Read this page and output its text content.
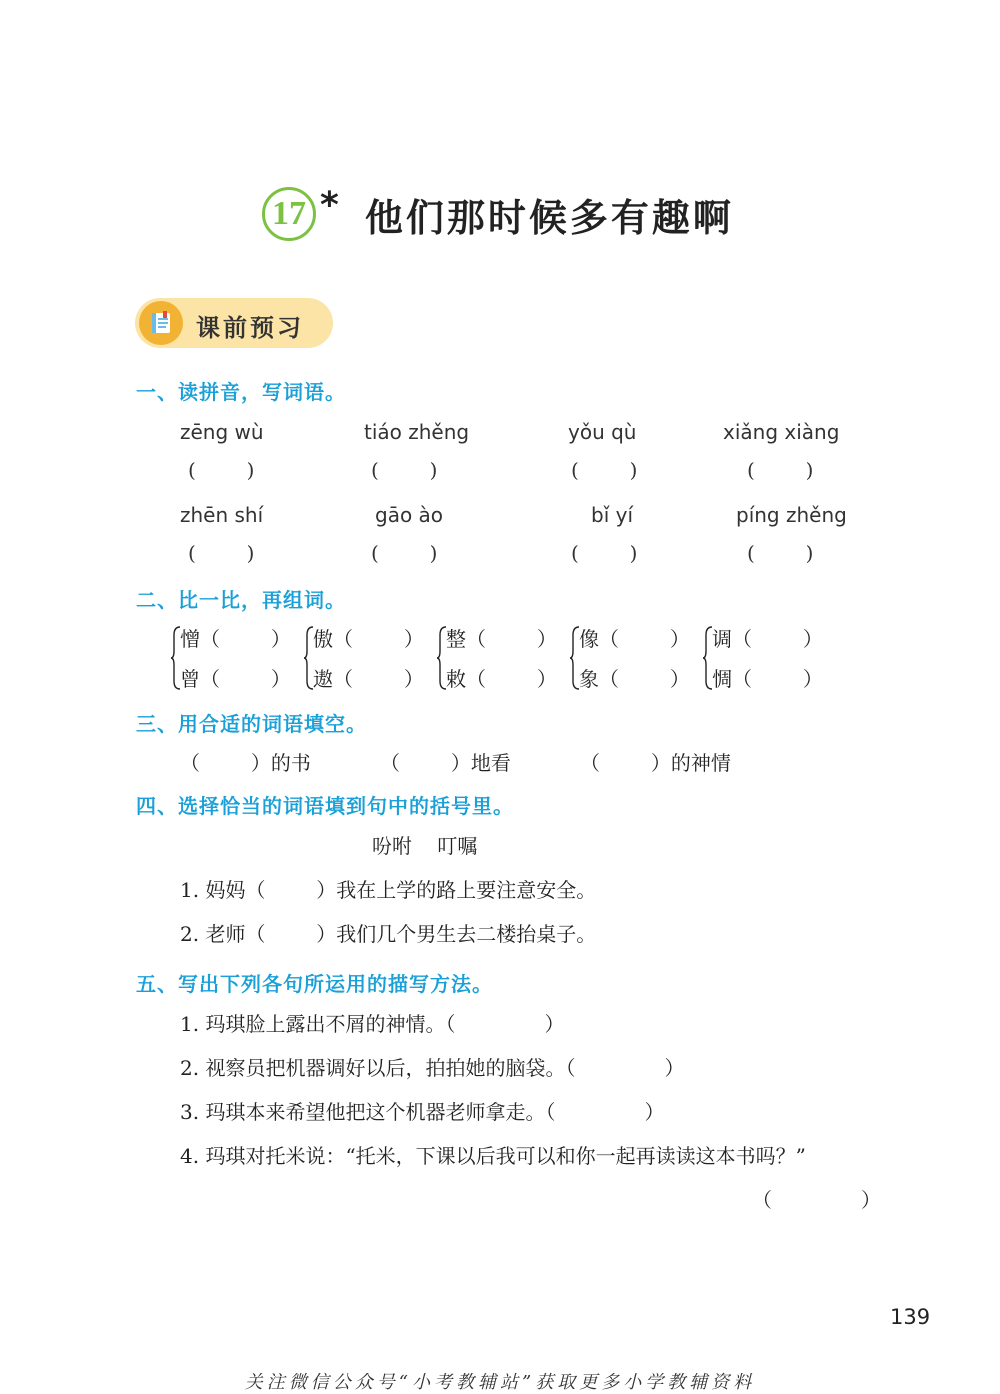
17 * 他们那时候多有趣啊
课前预习
一、读拼音，写词语。
zēng wù	tiáo zhěng	yǒu qù	xiǎng xiàng
(        )	(        )	(        )	(        )
zhēn shí	gāo ào	bǐ yí	píng zhěng
(        )	(        )	(        )	(        )
二、比一比，再组词。
憎（        ）
曾（        ）
傲（        ）
遨（        ）
整（        ）
敕（        ）
像（        ）
象（        ）
调（        ）
惆（        ）
三、用合适的词语填空。
（        ）的书	（        ）地看	（        ）的神情
四、选择恰当的词语填到句中的括号里。
吩咐    叮嘱
1. 妈妈（        ）我在上学的路上要注意安全。
2. 老师（        ）我们几个男生去二楼抬桌子。
五、写出下列各句所运用的描写方法。
1. 玛琪脸上露出不屑的神情。（              ）
2. 视察员把机器调好以后，拍拍她的脑袋。（              ）
3. 玛琪本来希望他把这个机器老师拿走。（              ）
4. 玛琪对托米说：“托米，下课以后我可以和你一起再读读这本书吗？”
（              ）
139
关注微信公众号“小考教辅站”获取更多小学教辅资料
